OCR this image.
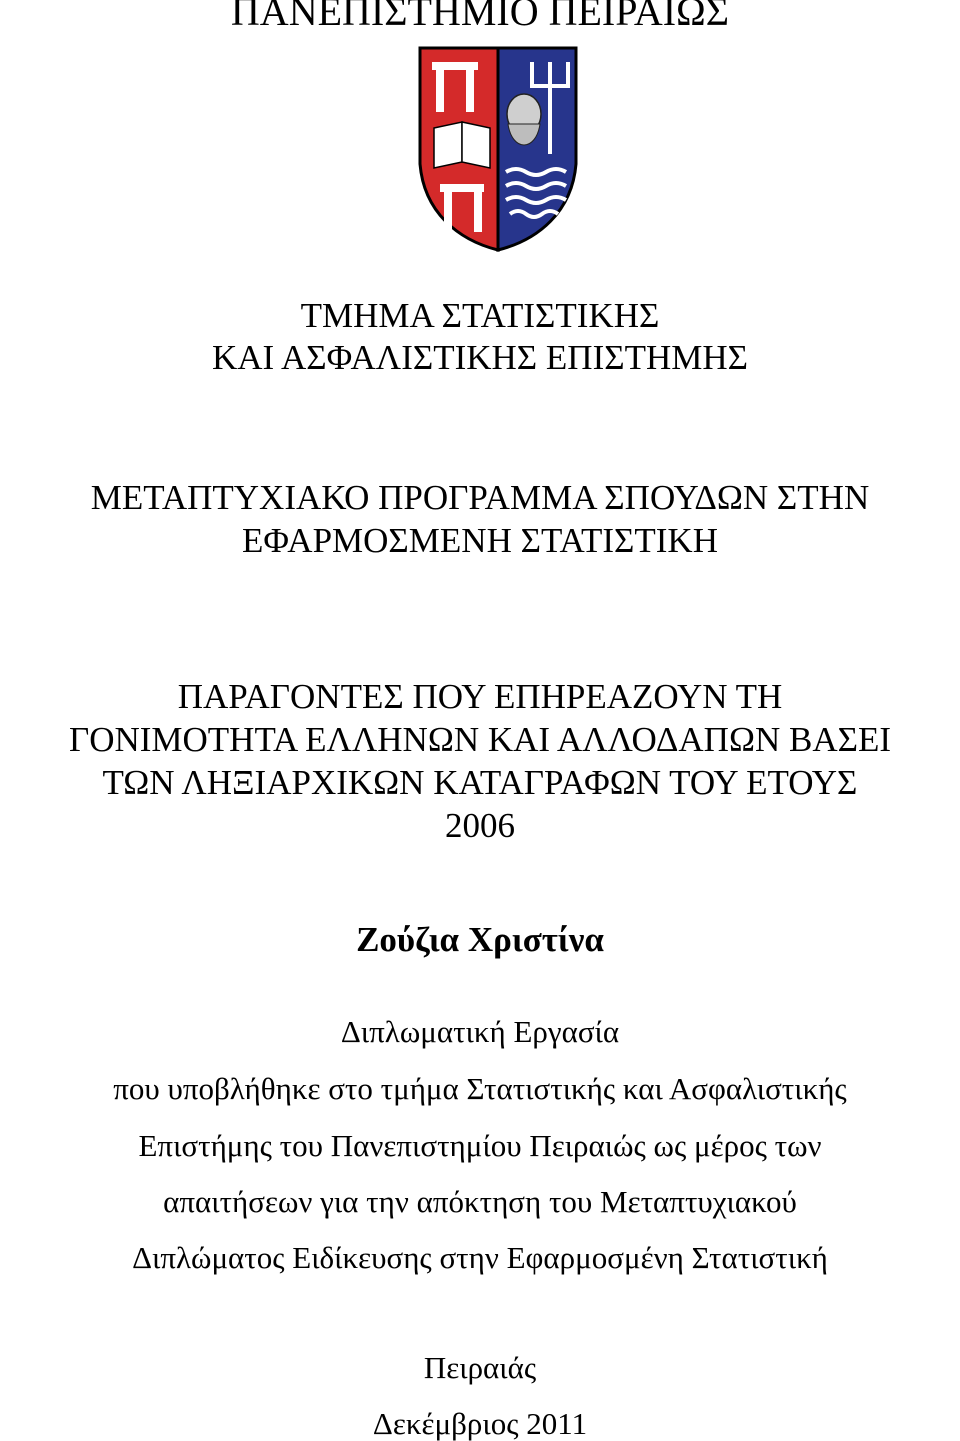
ΠΑΝΕΠΙΣΤΗΜΙΟ ΠΕΙΡΑΙΩΣ
ΤΜΗΜΑ ΣΤΑΤΙΣΤΙΚΗΣ
ΚΑΙ ΑΣΦΑΛΙΣΤΙΚΗΣ ΕΠΙΣΤΗΜΗΣ
ΜΕΤΑΠΤΥΧΙΑΚΟ ΠΡΟΓΡΑΜΜΑ ΣΠΟΥΔΩΝ ΣΤΗΝ
ΕΦΑΡΜΟΣΜΕΝΗ ΣΤΑΤΙΣΤΙΚΗ
ΠΑΡΑΓΟΝΤΕΣ ΠΟΥ ΕΠΗΡΕΑΖΟΥΝ ΤΗ
ΓΟΝΙΜΟΤΗΤΑ ΕΛΛΗΝΩΝ ΚΑΙ ΑΛΛΟΔΑΠΩΝ ΒΑΣΕΙ
ΤΩΝ ΛΗΞΙΑΡΧΙΚΩΝ ΚΑΤΑΓΡΑΦΩΝ ΤΟΥ ΕΤΟΥΣ
2006
Ζούζια Χριστίνα
Διπλωματική Εργασία
που υποβλήθηκε στο τμήμα Στατιστικής και Ασφαλιστικής
Επιστήμης του Πανεπιστημίου Πειραιώς ως μέρος των
απαιτήσεων για την απόκτηση του Μεταπτυχιακού
Διπλώματος Ειδίκευσης στην Εφαρμοσμένη Στατιστική
Πειραιάς
Δεκέμβριος 2011
